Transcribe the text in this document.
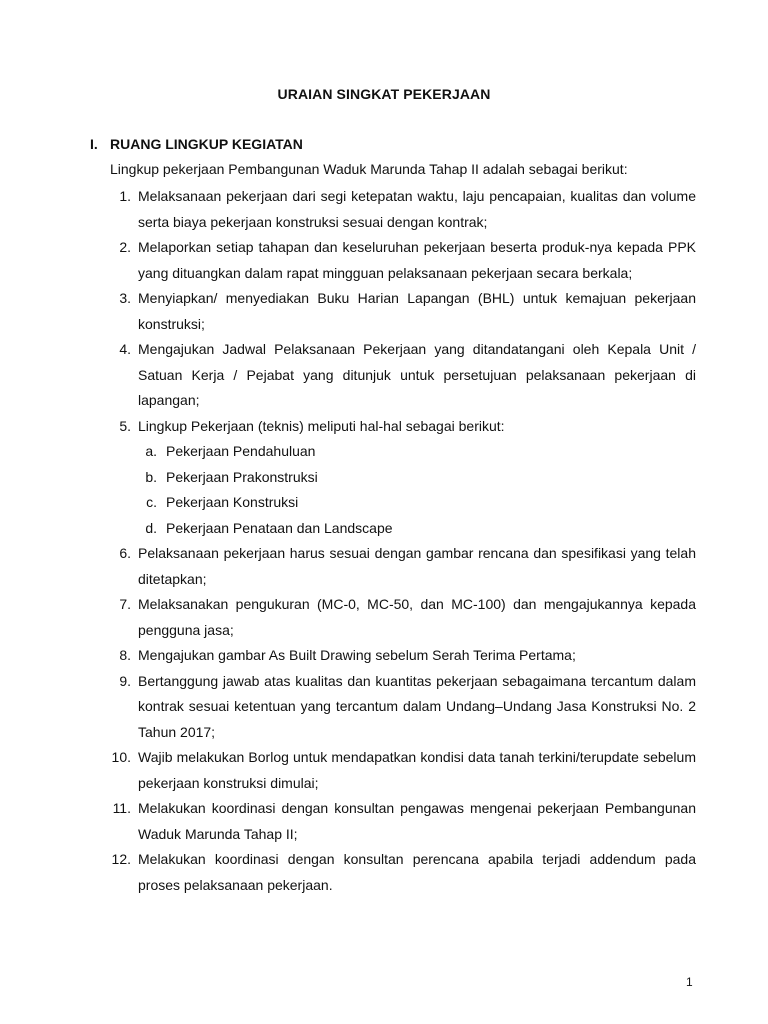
URAIAN SINGKAT PEKERJAAN
I. RUANG LINGKUP KEGIATAN
Lingkup pekerjaan Pembangunan Waduk Marunda Tahap II adalah sebagai berikut:
1. Melaksanaan pekerjaan dari segi ketepatan waktu, laju pencapaian, kualitas dan volume serta biaya pekerjaan konstruksi sesuai dengan kontrak;
2. Melaporkan setiap tahapan dan keseluruhan pekerjaan beserta produk-nya kepada PPK yang dituangkan dalam rapat mingguan pelaksanaan pekerjaan secara berkala;
3. Menyiapkan/ menyediakan Buku Harian Lapangan (BHL) untuk kemajuan pekerjaan konstruksi;
4. Mengajukan Jadwal Pelaksanaan Pekerjaan yang ditandatangani oleh Kepala Unit / Satuan Kerja / Pejabat yang ditunjuk untuk persetujuan pelaksanaan pekerjaan di lapangan;
5. Lingkup Pekerjaan (teknis) meliputi hal-hal sebagai berikut:
a. Pekerjaan Pendahuluan
b. Pekerjaan Prakonstruksi
c. Pekerjaan Konstruksi
d. Pekerjaan Penataan dan Landscape
6. Pelaksanaan pekerjaan harus sesuai dengan gambar rencana dan spesifikasi yang telah ditetapkan;
7. Melaksanakan pengukuran (MC-0, MC-50, dan MC-100) dan mengajukannya kepada pengguna jasa;
8. Mengajukan gambar As Built Drawing sebelum Serah Terima Pertama;
9. Bertanggung jawab atas kualitas dan kuantitas pekerjaan sebagaimana tercantum dalam kontrak sesuai ketentuan yang tercantum dalam Undang–Undang Jasa Konstruksi No. 2 Tahun 2017;
10. Wajib melakukan Borlog untuk mendapatkan kondisi data tanah terkini/terupdate sebelum pekerjaan konstruksi dimulai;
11. Melakukan koordinasi dengan konsultan pengawas mengenai pekerjaan Pembangunan Waduk Marunda Tahap II;
12. Melakukan koordinasi dengan konsultan perencana apabila terjadi addendum pada proses pelaksanaan pekerjaan.
1
